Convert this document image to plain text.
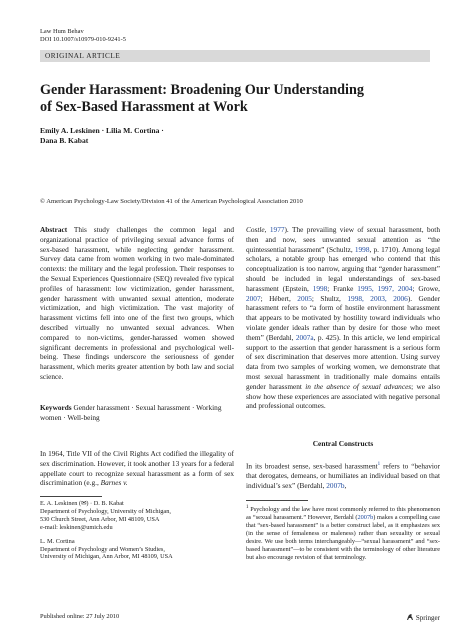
Law Hum Behav
DOI 10.1007/s10979-010-9241-5
ORIGINAL ARTICLE
Gender Harassment: Broadening Our Understanding
of Sex-Based Harassment at Work
Emily A. Leskinen · Lilia M. Cortina ·
Dana B. Kabat
© American Psychology-Law Society/Division 41 of the American Psychological Association 2010
Abstract This study challenges the common legal and organizational practice of privileging sexual advance forms of sex-based harassment, while neglecting gender harassment. Survey data came from women working in two male-dominated contexts: the military and the legal profession. Their responses to the Sexual Experiences Questionnaire (SEQ) revealed five typical profiles of harassment: low victimization, gender harassment, gender harassment with unwanted sexual attention, moderate victimization, and high victimization. The vast majority of harassment victims fell into one of the first two groups, which described virtually no unwanted sexual advances. When compared to non-victims, gender-harassed women showed significant decrements in professional and psychological well-being. These findings underscore the seriousness of gender harassment, which merits greater attention by both law and social science.
Keywords Gender harassment · Sexual harassment · Working women · Well-being
In 1964, Title VII of the Civil Rights Act codified the illegality of sex discrimination. However, it took another 13 years for a federal appellate court to recognize sexual harassment as a form of sex discrimination (e.g., Barnes v.
E. A. Leskinen (✉) · D. B. Kabat
Department of Psychology, University of Michigan,
530 Church Street, Ann Arbor, MI 48109, USA
e-mail: leskinen@umich.edu
L. M. Cortina
Department of Psychology and Women’s Studies,
University of Michigan, Ann Arbor, MI 48109, USA
Costle, 1977). The prevailing view of sexual harassment, both then and now, sees unwanted sexual attention as “the quintessential harassment” (Schultz, 1998, p. 1710). Among legal scholars, a notable group has emerged who contend that this conceptualization is too narrow, arguing that “gender harassment” should be included in legal understandings of sex-based harassment (Epstein, 1998; Franke 1995, 1997, 2004; Growe, 2007; Hébert, 2005; Shultz, 1998, 2003, 2006). Gender harassment refers to “a form of hostile environment harassment that appears to be motivated by hostility toward individuals who violate gender ideals rather than by desire for those who meet them” (Berdahl, 2007a, p. 425). In this article, we lend empirical support to the assertion that gender harassment is a serious form of sex discrimination that deserves more attention. Using survey data from two samples of working women, we demonstrate that most sexual harassment in traditionally male domains entails gender harassment in the absence of sexual advances; we also show how these experiences are associated with negative personal and professional outcomes.
Central Constructs
In its broadest sense, sex-based harassment$^1$ refers to “behavior that derogates, demeans, or humiliates an individual based on that individual’s sex” (Berdahl, 2007b,
$^1$ Psychology and the law have most commonly referred to this phenomenon as “sexual harassment.” However, Berdahl (2007b) makes a compelling case that “sex-based harassment” is a better construct label, as it emphasizes sex (in the sense of femaleness or maleness) rather than sexuality or sexual desire. We use both terms interchangeably—“sexual harassment” and “sex-based harassment”—to be consistent with the terminology of other literature but also encourage revision of that terminology.
Published online: 27 July 2010	Springer
